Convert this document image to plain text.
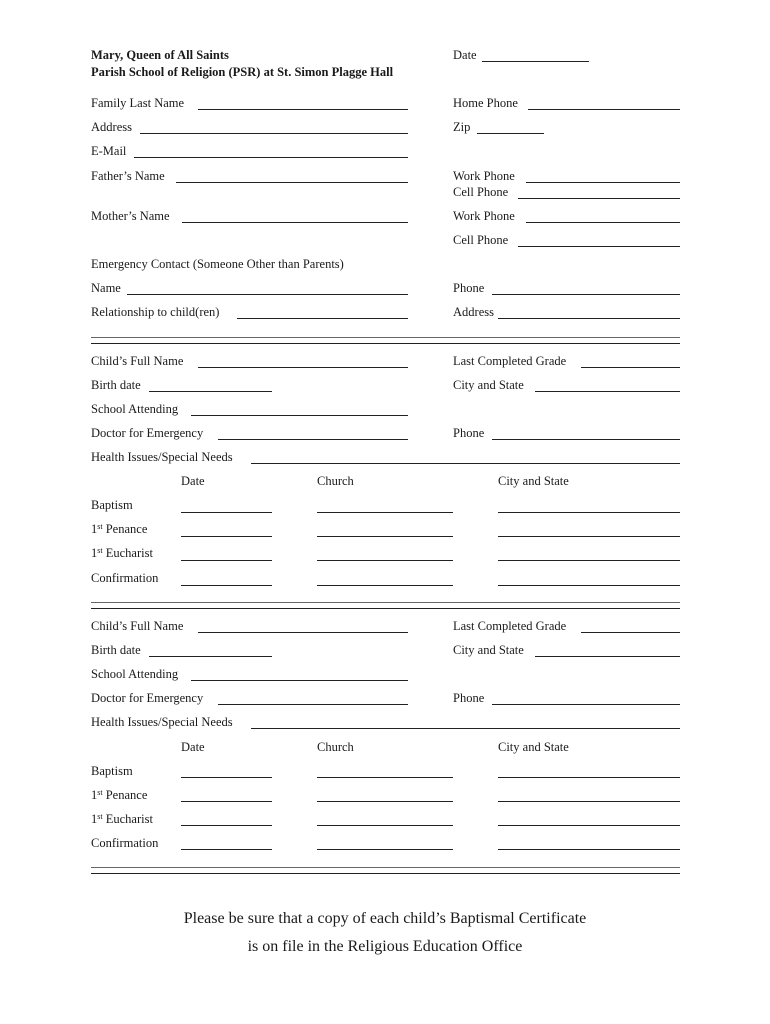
Mary, Queen of All Saints
Parish School of Religion (PSR) at St. Simon Plagge Hall
Date
Family Last Name	Home Phone
Address	Zip
E-Mail
Father’s Name	Work Phone
Cell Phone
Mother’s Name	Work Phone
Cell Phone
Emergency Contact (Someone Other than Parents)
Name	Phone
Relationship to child(ren)	Address
Child’s Full Name	Last Completed Grade
Birth date	City and State
School Attending
Doctor for Emergency	Phone
Health Issues/Special Needs
Date	Church	City and State
Baptism
1st Penance
1st Eucharist
Confirmation
Child’s Full Name	Last Completed Grade
Birth date	City and State
School Attending
Doctor for Emergency	Phone
Health Issues/Special Needs
Date	Church	City and State
Baptism
1st Penance
1st Eucharist
Confirmation
Please be sure that a copy of each child’s Baptismal Certificate
is on file in the Religious Education Office
